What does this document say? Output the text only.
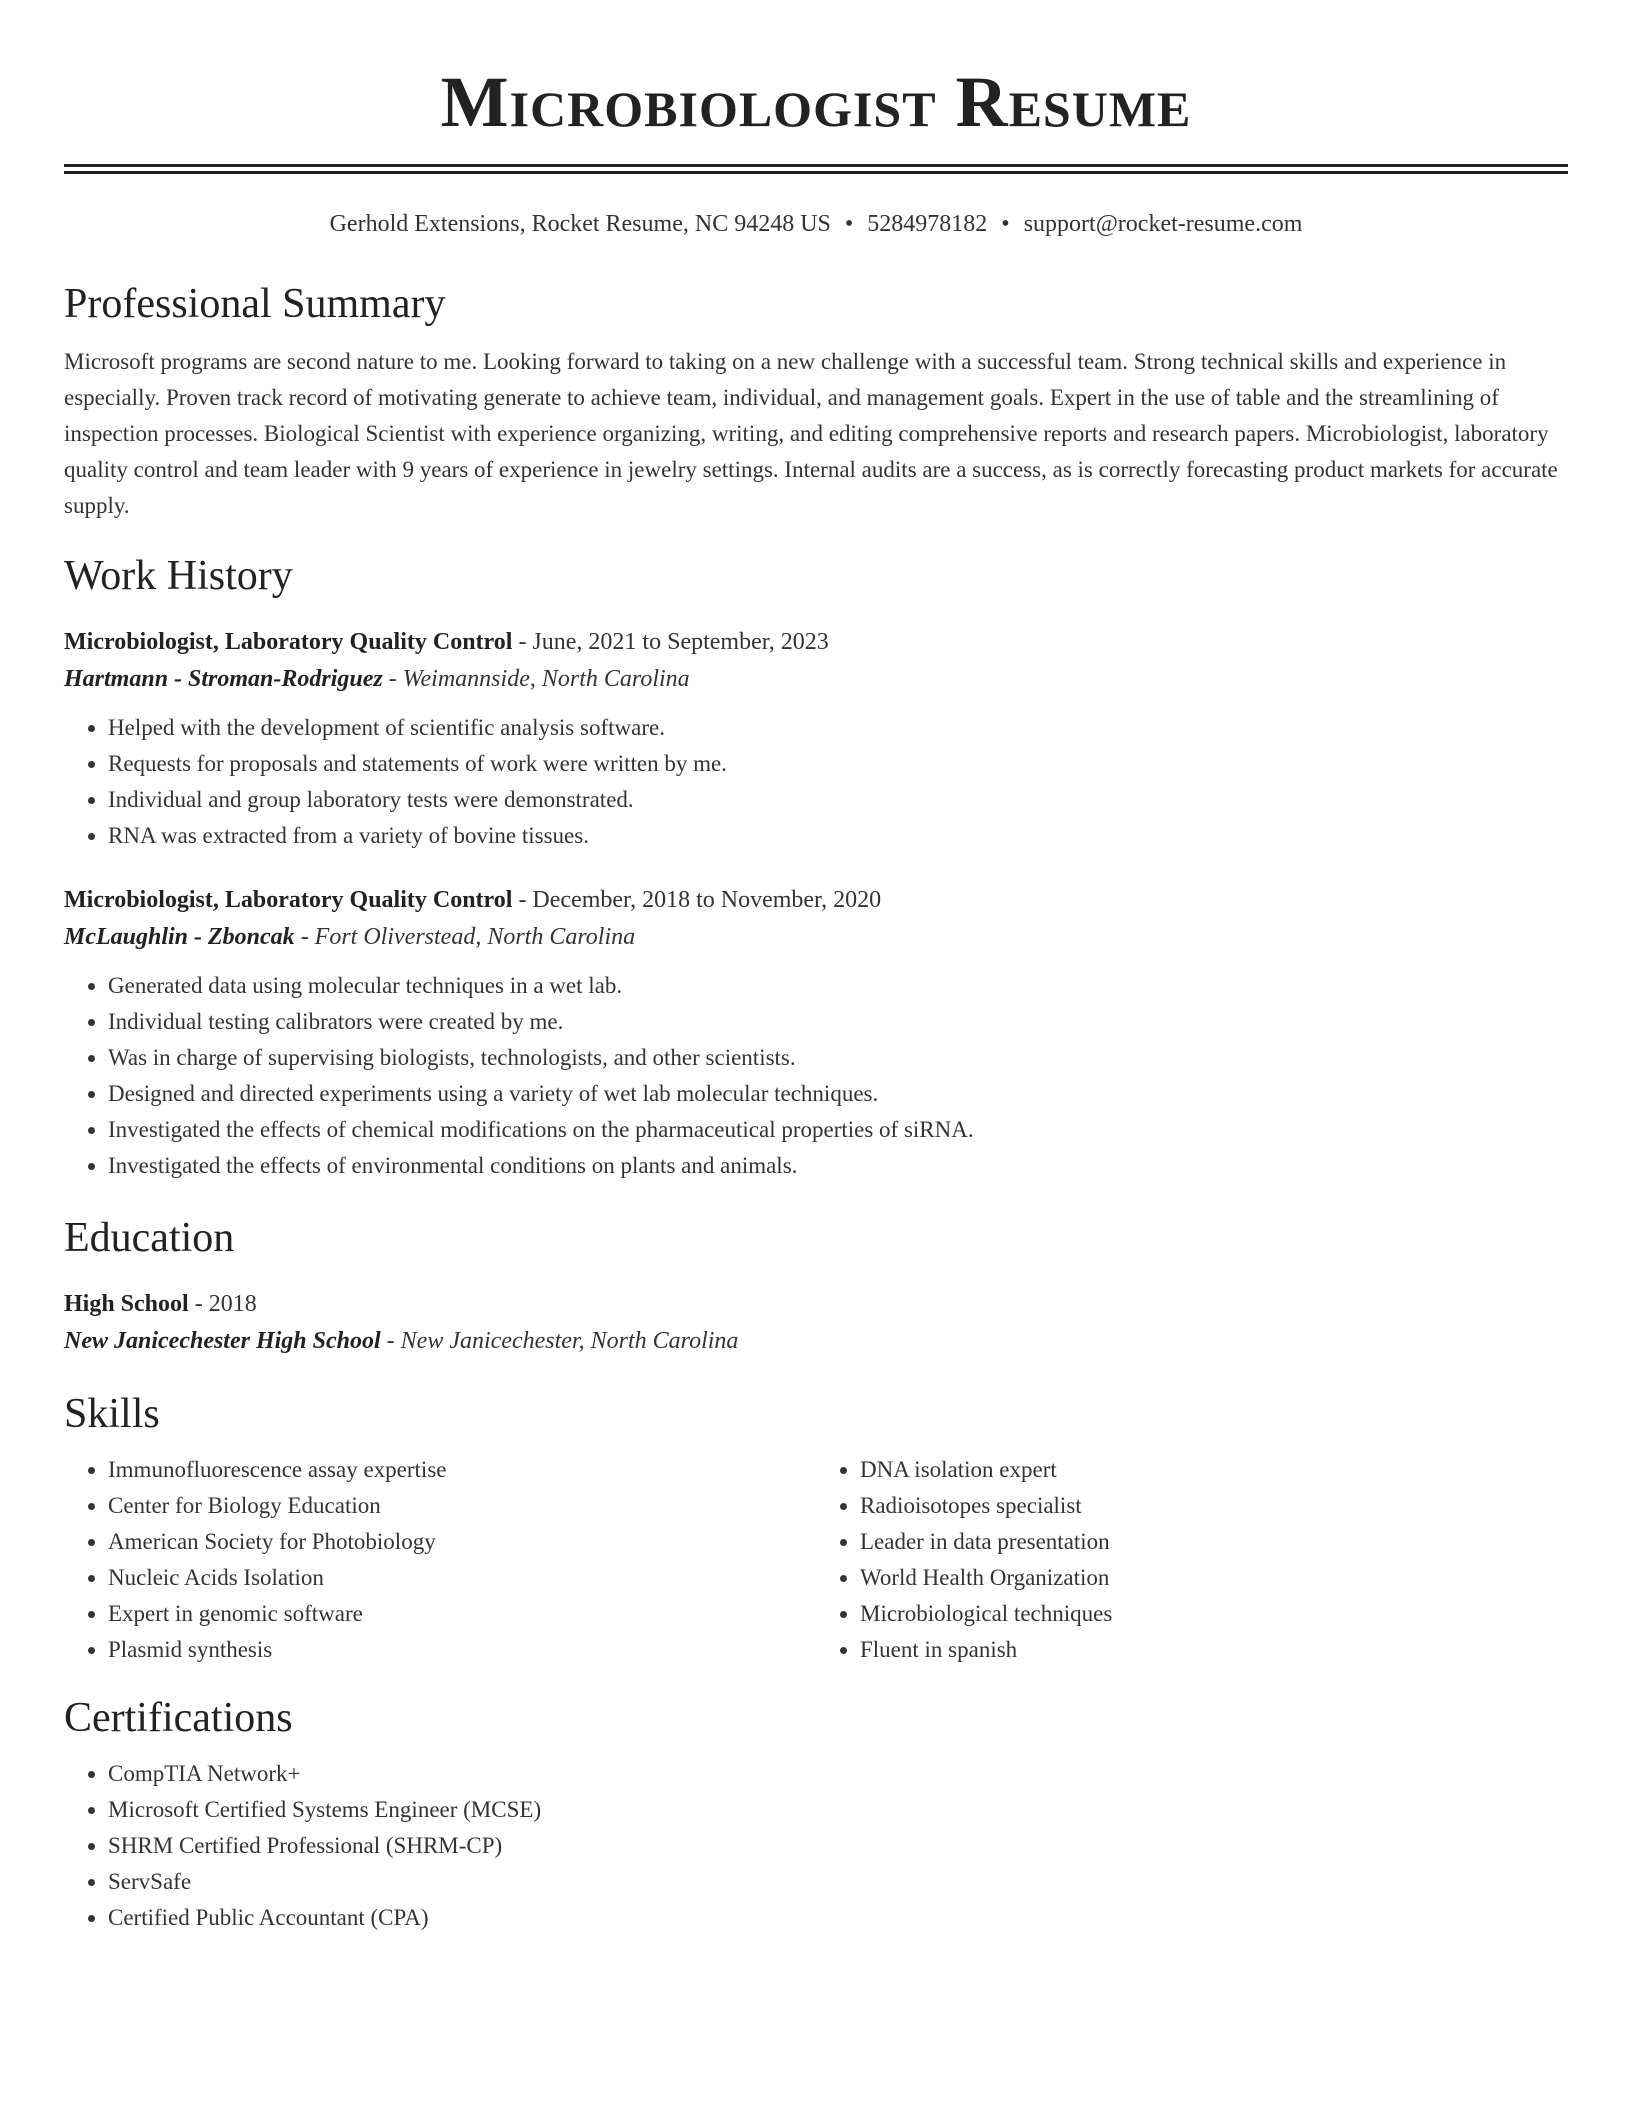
Microbiologist Resume
Gerhold Extensions, Rocket Resume, NC 94248 US • 5284978182 • support@rocket-resume.com
Professional Summary

Microsoft programs are second nature to me. Looking forward to taking on a new challenge with a successful team. Strong technical skills and experience in especially. Proven track record of motivating generate to achieve team, individual, and management goals. Expert in the use of table and the streamlining of inspection processes. Biological Scientist with experience organizing, writing, and editing comprehensive reports and research papers. Microbiologist, laboratory quality control and team leader with 9 years of experience in jewelry settings. Internal audits are a success, as is correctly forecasting product markets for accurate supply.

Work History
Microbiologist, Laboratory Quality Control - June, 2021 to September, 2023
Hartmann - Stroman-Rodriguez - Weimannside, North Carolina
• Helped with the development of scientific analysis software.
• Requests for proposals and statements of work were written by me.
• Individual and group laboratory tests were demonstrated.
• RNA was extracted from a variety of bovine tissues.
Microbiologist, Laboratory Quality Control - December, 2018 to November, 2020
McLaughlin - Zboncak - Fort Oliverstead, North Carolina
• Generated data using molecular techniques in a wet lab.
• Individual testing calibrators were created by me.
• Was in charge of supervising biologists, technologists, and other scientists.
• Designed and directed experiments using a variety of wet lab molecular techniques.
• Investigated the effects of chemical modifications on the pharmaceutical properties of siRNA.
• Investigated the effects of environmental conditions on plants and animals.
Education
High School - 2018
New Janicechester High School - New Janicechester, North Carolina
Skills
• Immunofluorescence assay expertise
• Center for Biology Education
• American Society for Photobiology
• Nucleic Acids Isolation
• Expert in genomic software
• Plasmid synthesis
• DNA isolation expert
• Radioisotopes specialist
• Leader in data presentation
• World Health Organization
• Microbiological techniques
• Fluent in spanish
Certifications
• CompTIA Network+
• Microsoft Certified Systems Engineer (MCSE)
• SHRM Certified Professional (SHRM-CP)
• ServSafe
• Certified Public Accountant (CPA)
